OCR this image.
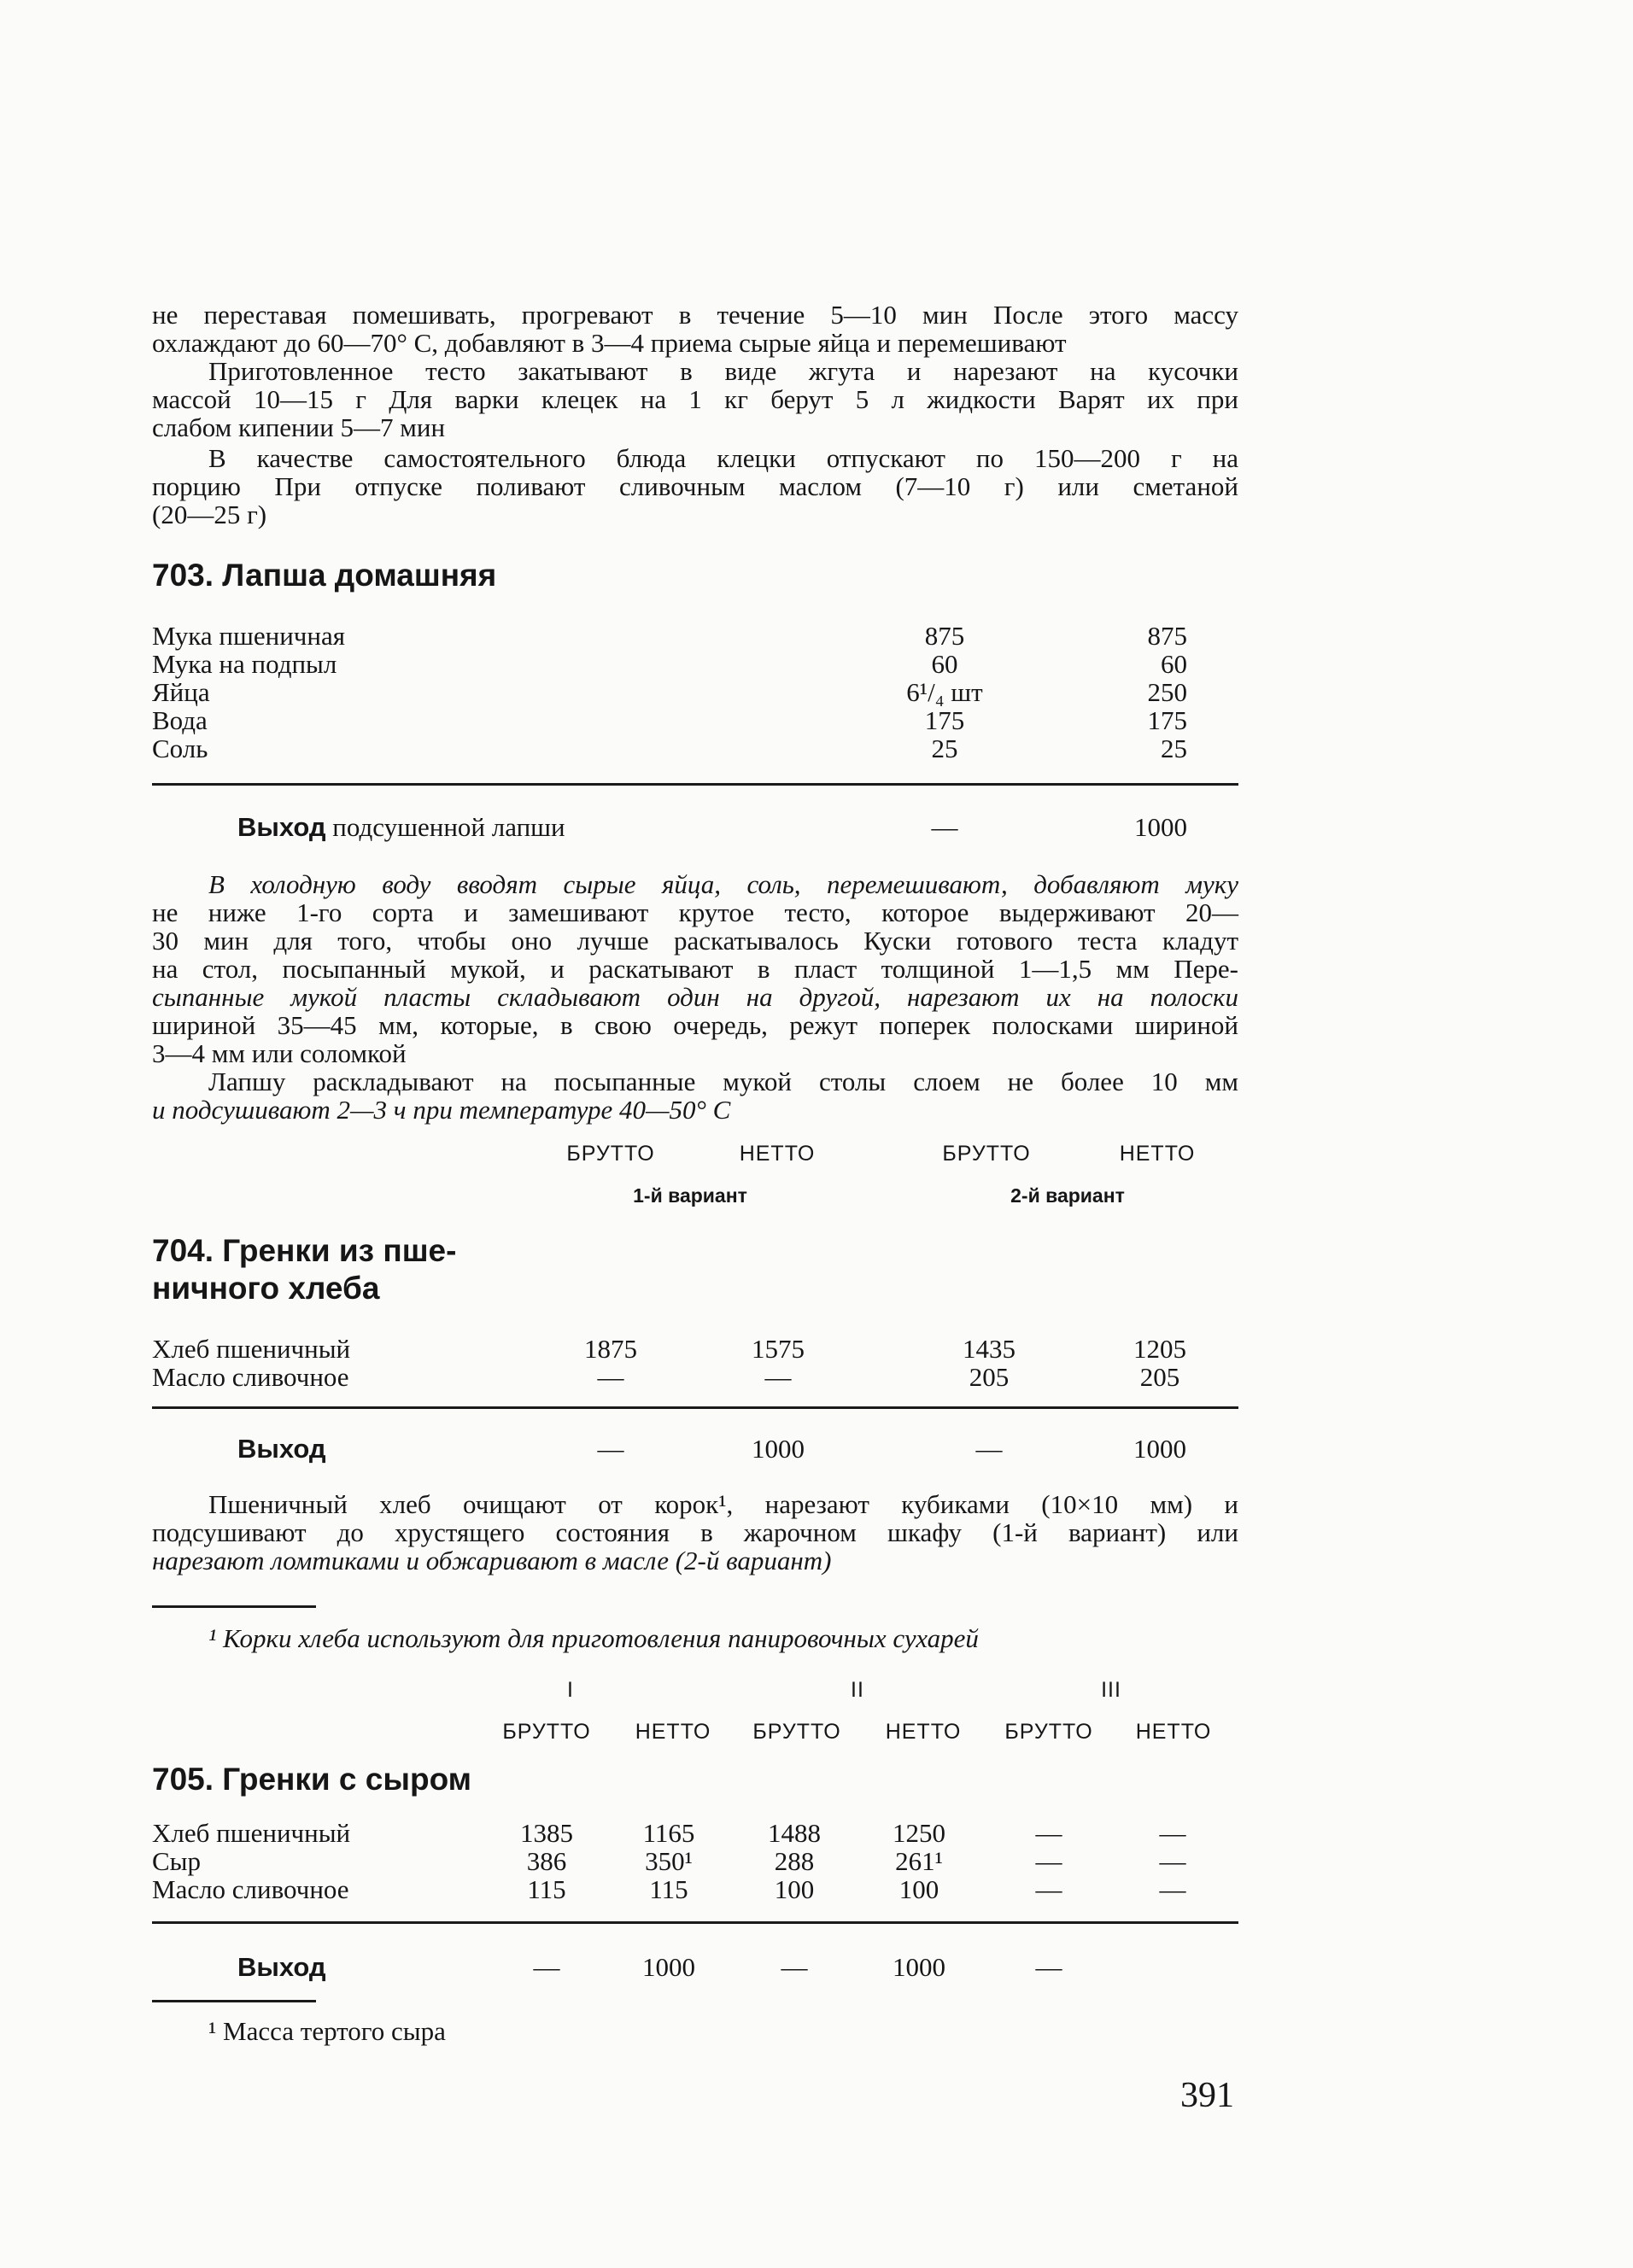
не переставая помешивать, прогревают в течение 5—10 мин После этого массу
охлаждают до 60—70° С, добавляют в 3—4 приема сырые яйца и перемешивают
Приготовленное тесто закатывают в виде жгута и нарезают на кусочки
массой 10—15 г Для варки клецек на 1 кг берут 5 л жидкости Варят их при
слабом кипении 5—7 мин
В качестве самостоятельного блюда клецки отпускают по 150—200 г на
порцию При отпуске поливают сливочным маслом (7—10 г) или сметаной
(20—25 г)
703. Лапша домашняя
Мука пшеничная	875	875
Мука на подпыл	60	60
Яйца	6¹/₄ шт	250
Вода	175	175
Соль	25	25
Выход подсушенной лапши	—	1000
В холодную воду вводят сырые яйца, соль, перемешивают, добавляют муку
не ниже 1-го сорта и замешивают крутое тесто, которое выдерживают 20—
30 мин для того, чтобы оно лучше раскатывалось Куски готового теста кладут
на стол, посыпанный мукой, и раскатывают в пласт толщиной 1—1,5 мм Пере-
сыпанные мукой пласты складывают один на другой, нарезают их на полоски
шириной 35—45 мм, которые, в свою очередь, режут поперек полосками шириной
3—4 мм или соломкой
Лапшу раскладывают на посыпанные мукой столы слоем не более 10 мм
и подсушивают 2—3 ч при температуре 40—50° С
БРУТТО	НЕТТО	БРУТТО	НЕТТО
1-й вариант	2-й вариант
704. Гренки из пше-
ничного хлеба
Хлеб пшеничный	1875	1575	1435	1205
Масло сливочное	—	—	205	205
Выход	—	1000	—	1000
Пшеничный хлеб очищают от корок¹, нарезают кубиками (10×10 мм) и
подсушивают до хрустящего состояния в жарочном шкафу (1-й вариант) или
нарезают ломтиками и обжаривают в масле (2-й вариант)
¹ Корки хлеба используют для приготовления панировочных сухарей
I	II	III
БРУТТО НЕТТО БРУТТО НЕТТО БРУТТО НЕТТО
705. Гренки с сыром
Хлеб пшеничный	1385	1165	1488	1250	—	—
Сыр	386	350¹	288	261¹	—	—
Масло сливочное	115	115	100	100	—	—
Выход	—	1000	—	1000	—
¹ Масса тертого сыра
391
